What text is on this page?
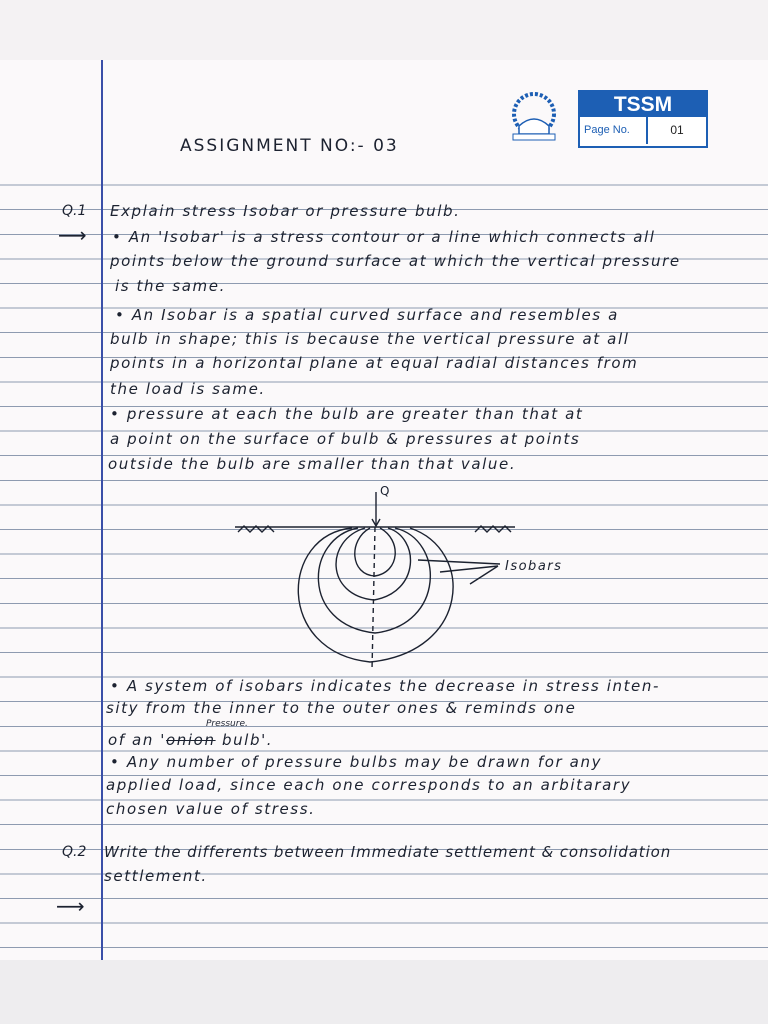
TSSM
Page No.	01
ASSIGNMENT NO:- 03
Q.1 Explain stress Isobar or pressure bulb.
⟶ • An 'Isobar' is a stress contour or a line which connects all
points below the ground surface at which the vertical pressure
is the same.
• An Isobar is a spatial curved surface and resembles a
bulb in shape; this is because the vertical pressure at all
points in a horizontal plane at equal radial distances from
the load is same.
• pressure at each the bulb are greater than that at
a point on the surface of bulb & pressures at points
outside the bulb are smaller than that value.
Q
Isobars
• A system of isobars indicates the decrease in stress inten-
sity from the inner to the outer ones & reminds one
Pressure.
of an 'onion bulb'.
• Any number of pressure bulbs may be drawn for any
applied load, since each one corresponds to an arbitarary
chosen value of stress.
Q.2 Write the differents between Immediate settlement & consolidation
settlement.
⟶
